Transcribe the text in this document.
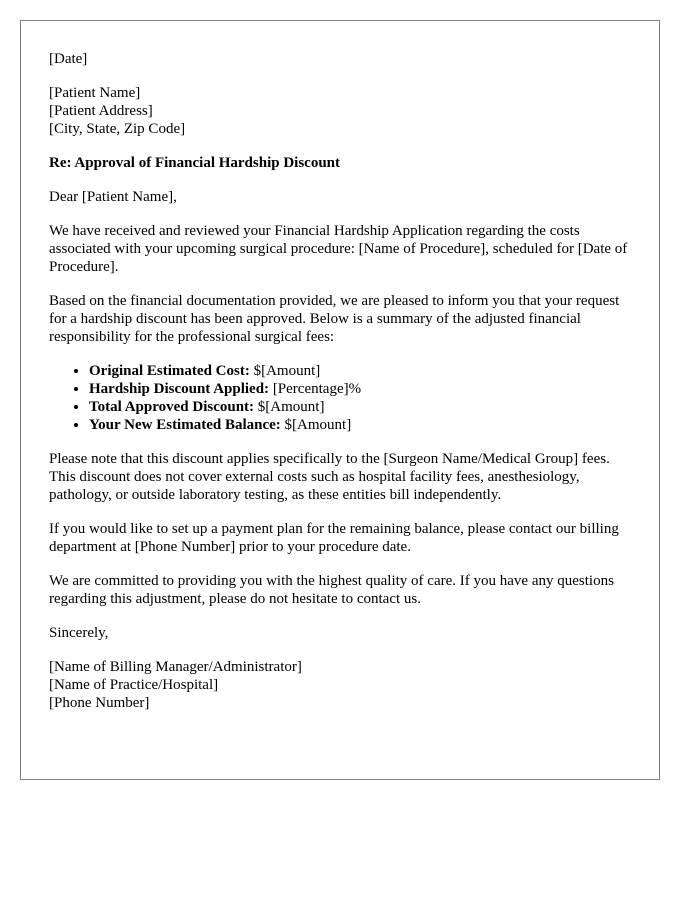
[Date]

[Patient Name]
[Patient Address]
[City, State, Zip Code]

Re: Approval of Financial Hardship Discount

Dear [Patient Name],

We have received and reviewed your Financial Hardship Application regarding the costs associated with your upcoming surgical procedure: [Name of Procedure], scheduled for [Date of Procedure].

Based on the financial documentation provided, we are pleased to inform you that your request for a hardship discount has been approved. Below is a summary of the adjusted financial responsibility for the professional surgical fees:

• Original Estimated Cost: $[Amount]
• Hardship Discount Applied: [Percentage]%
• Total Approved Discount: $[Amount]
• Your New Estimated Balance: $[Amount]

Please note that this discount applies specifically to the [Surgeon Name/Medical Group] fees. This discount does not cover external costs such as hospital facility fees, anesthesiology, pathology, or outside laboratory testing, as these entities bill independently.

If you would like to set up a payment plan for the remaining balance, please contact our billing department at [Phone Number] prior to your procedure date.

We are committed to providing you with the highest quality of care. If you have any questions regarding this adjustment, please do not hesitate to contact us.

Sincerely,

[Name of Billing Manager/Administrator]
[Name of Practice/Hospital]
[Phone Number]
